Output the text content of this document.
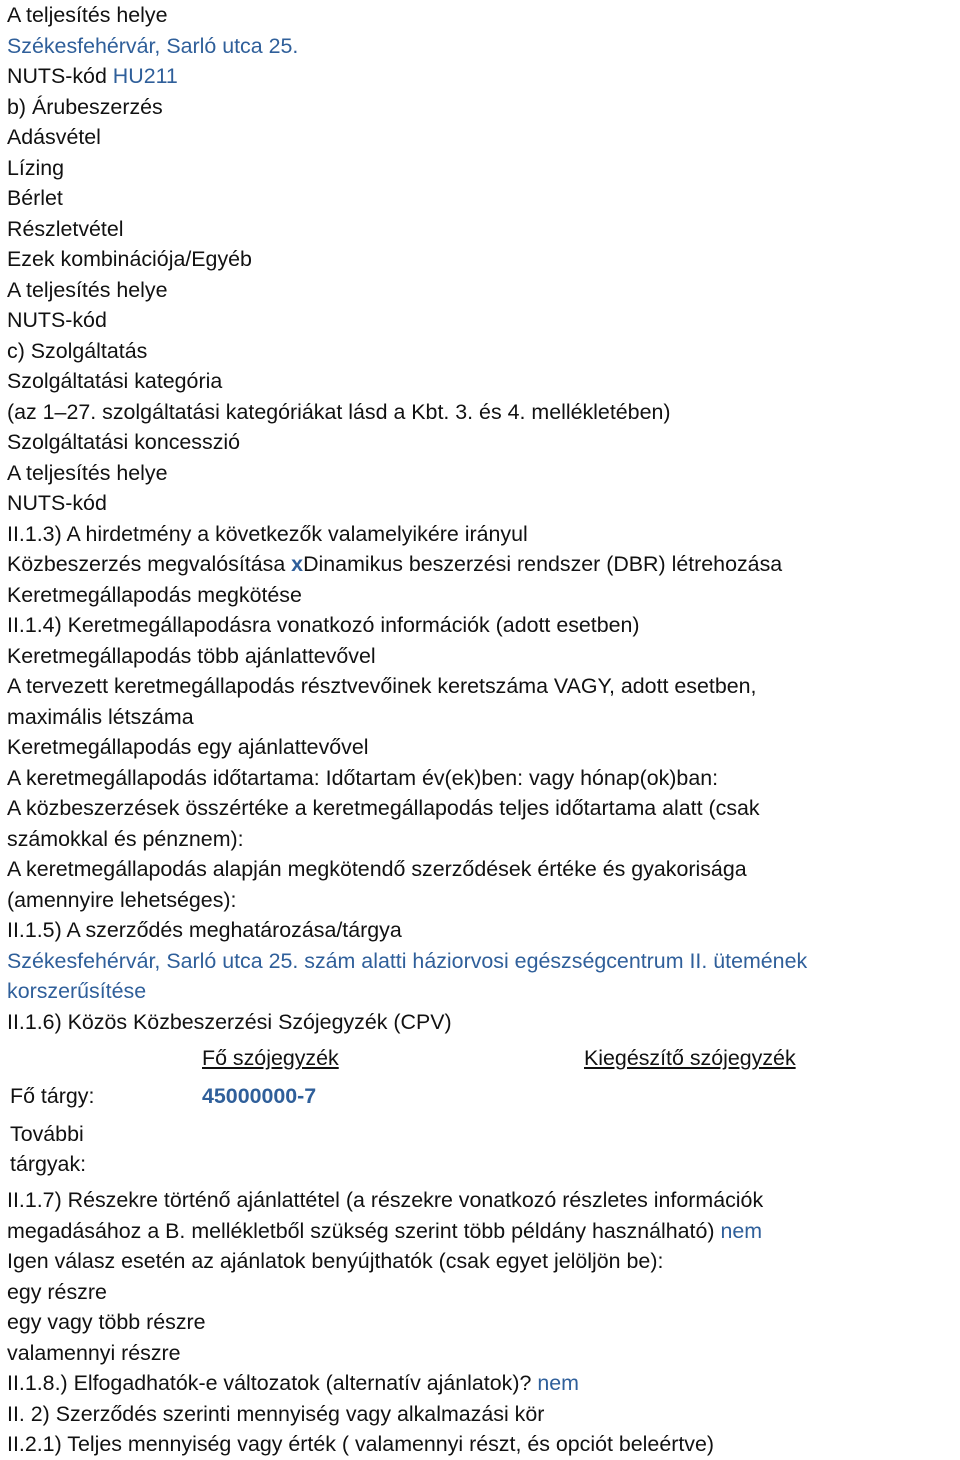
A teljesítés helye
Székesfehérvár, Sarló utca 25.
NUTS-kód HU211
b) Árubeszerzés
Adásvétel
Lízing
Bérlet
Részletvétel
Ezek kombinációja/Egyéb
A teljesítés helye
NUTS-kód
c) Szolgáltatás
Szolgáltatási kategória
(az 1–27. szolgáltatási kategóriákat lásd a Kbt. 3. és 4. mellékletében)
Szolgáltatási koncesszió
A teljesítés helye
NUTS-kód
II.1.3) A hirdetmény a következők valamelyikére irányul
Közbeszerzés megvalósítása xDinamikus beszerzési rendszer (DBR) létrehozása
Keretmegállapodás megkötése
II.1.4) Keretmegállapodásra vonatkozó információk (adott esetben)
Keretmegállapodás több ajánlattevővel
A tervezett keretmegállapodás résztvevőinek keretszáma VAGY, adott esetben,
maximális létszáma
Keretmegállapodás egy ajánlattevővel
A keretmegállapodás időtartama: Időtartam év(ek)ben: vagy hónap(ok)ban:
A közbeszerzések összértéke a keretmegállapodás teljes időtartama alatt (csak
számokkal és pénznem):
A keretmegállapodás alapján megkötendő szerződések értéke és gyakorisága
(amennyire lehetséges):
II.1.5) A szerződés meghatározása/tárgya
Székesfehérvár, Sarló utca 25. szám alatti háziorvosi egészségcentrum II. ütemének
korszerűsítése
II.1.6) Közös Közbeszerzési Szójegyzék (CPV)
Fő szójegyzék	Kiegészítő szójegyzék
Fő tárgy:	45000000-7
További tárgyak:
II.1.7) Részekre történő ajánlattétel (a részekre vonatkozó részletes információk
megadásához a B. mellékletből szükség szerint több példány használható) nem
Igen válasz esetén az ajánlatok benyújthatók (csak egyet jelöljön be):
egy részre
egy vagy több részre
valamennyi részre
II.1.8.) Elfogadhatók-e változatok (alternatív ajánlatok)? nem
II. 2) Szerződés szerinti mennyiség vagy alkalmazási kör
II.2.1) Teljes mennyiség vagy érték ( valamennyi részt, és opciót beleértve)
